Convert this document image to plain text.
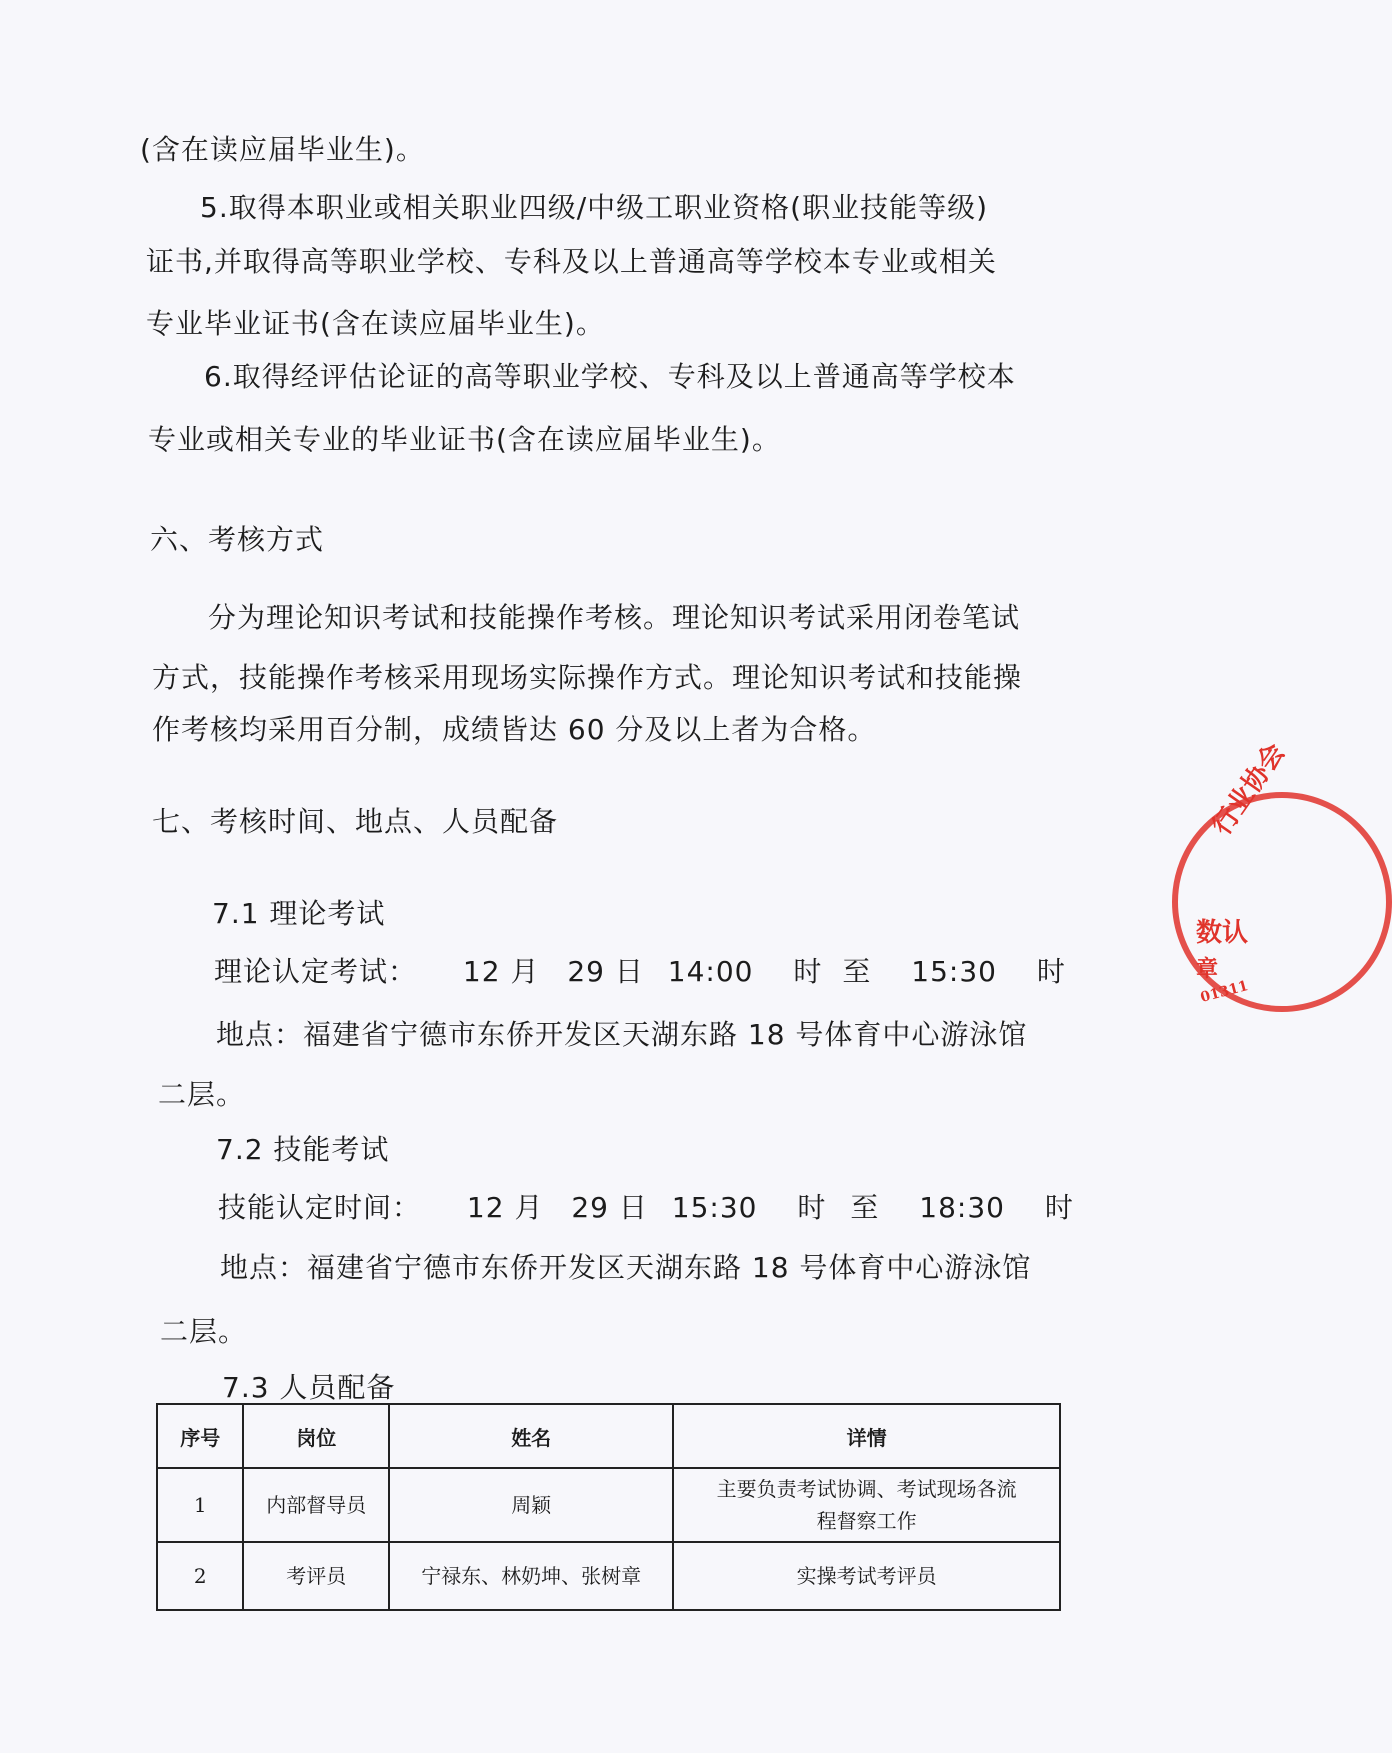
(含在读应届毕业生)。
5.取得本职业或相关职业四级/中级工职业资格(职业技能等级)
证书,并取得高等职业学校、专科及以上普通高等学校本专业或相关
专业毕业证书(含在读应届毕业生)。
6.取得经评估论证的高等职业学校、专科及以上普通高等学校本
专业或相关专业的毕业证书(含在读应届毕业生)。
六、考核方式
分为理论知识考试和技能操作考核。理论知识考试采用闭卷笔试
方式，技能操作考核采用现场实际操作方式。理论知识考试和技能操
作考核均采用百分制，成绩皆达 60 分及以上者为合格。
七、考核时间、地点、人员配备
7.1 理论考试
理论认定考试： 12 月 29 日 14:00 时 至 15:30 时
地点：福建省宁德市东侨开发区天湖东路 18 号体育中心游泳馆
二层。
7.2 技能考试
技能认定时间： 12 月 29 日 15:30 时 至 18:30 时
地点：福建省宁德市东侨开发区天湖东路 18 号体育中心游泳馆
二层。
7.3 人员配备
序号	岗位	姓名	详情
1	内部督导员	周颖	主要负责考试协调、考试现场各流程督察工作
2	考评员	宁禄东、林奶坤、张树章	实操考试考评员
行业协会
数认
章
01311
